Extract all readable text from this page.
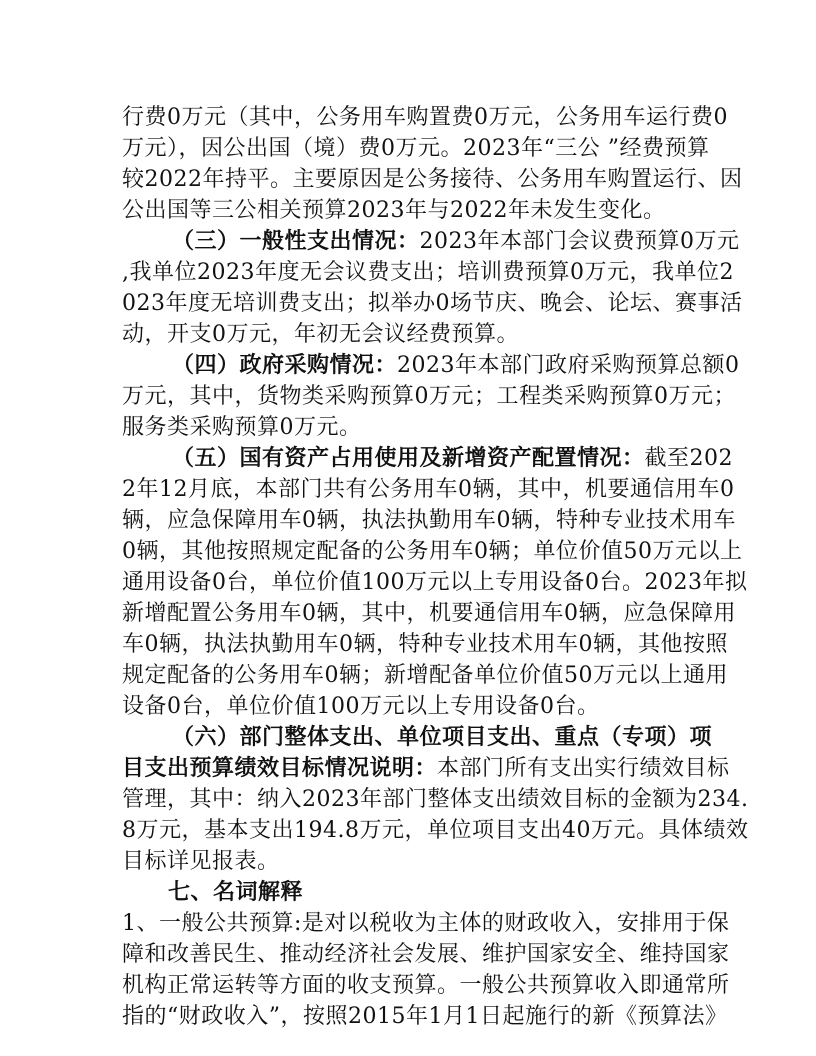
行费0万元（其中，公务用车购置费0万元，公务用车运行费0
万元），因公出国（境）费0万元。2023年“三公 ”经费预算
较2022年持平。主要原因是公务接待、公务用车购置运行、因
公出国等三公相关预算2023年与2022年未发生变化。
（三）一般性支出情况：2023年本部门会议费预算0万元
,我单位2023年度无会议费支出；培训费预算0万元，我单位2
023年度无培训费支出；拟举办0场节庆、晚会、论坛、赛事活
动，开支0万元，年初无会议经费预算。
（四）政府采购情况：2023年本部门政府采购预算总额0
万元，其中，货物类采购预算0万元；工程类采购预算0万元；
服务类采购预算0万元。
（五）国有资产占用使用及新增资产配置情况：截至202
2年12月底，本部门共有公务用车0辆，其中，机要通信用车0
辆，应急保障用车0辆，执法执勤用车0辆，特种专业技术用车
0辆，其他按照规定配备的公务用车0辆；单位价值50万元以上
通用设备0台，单位价值100万元以上专用设备0台。2023年拟
新增配置公务用车0辆，其中，机要通信用车0辆，应急保障用
车0辆，执法执勤用车0辆，特种专业技术用车0辆，其他按照
规定配备的公务用车0辆；新增配备单位价值50万元以上通用
设备0台，单位价值100万元以上专用设备0台。
（六）部门整体支出、单位项目支出、重点（专项）项
目支出预算绩效目标情况说明：本部门所有支出实行绩效目标
管理，其中：纳入2023年部门整体支出绩效目标的金额为234.
8万元，基本支出194.8万元，单位项目支出40万元。具体绩效
目标详见报表。
七、名词解释
1、一般公共预算:是对以税收为主体的财政收入，安排用于保
障和改善民生、推动经济社会发展、维护国家安全、维持国家
机构正常运转等方面的收支预算。一般公共预算收入即通常所
指的“财政收入”，按照2015年1月1日起施行的新《预算法》
